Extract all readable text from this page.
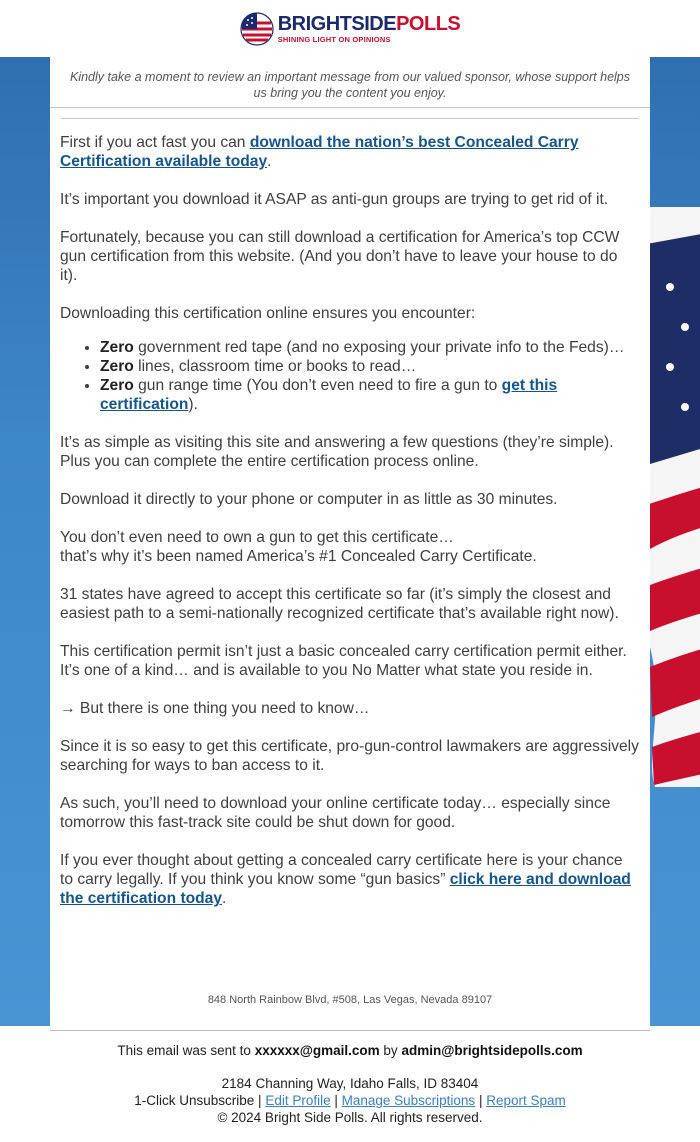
BRIGHTSIDEPOLLS
SHINING LIGHT ON OPINIONS
Kindly take a moment to review an important message from our valued sponsor, whose support helps us bring you the content you enjoy.

First if you act fast you can download the nation’s best Concealed Carry Certification available today.

It’s important you download it ASAP as anti-gun groups are trying to get rid of it.

Fortunately, because you can still download a certification for America’s top CCW gun certification from this website. (And you don’t have to leave your house to do it).

Downloading this certification online ensures you encounter:

• Zero government red tape (and no exposing your private info to the Feds)…
• Zero lines, classroom time or books to read…
• Zero gun range time (You don’t even need to fire a gun to get this certification).

It’s as simple as visiting this site and answering a few questions (they’re simple). Plus you can complete the entire certification process online.

Download it directly to your phone or computer in as little as 30 minutes.

You don’t even need to own a gun to get this certificate…
that’s why it’s been named America’s #1 Concealed Carry Certificate.

31 states have agreed to accept this certificate so far (it’s simply the closest and easiest path to a semi-nationally recognized certificate that’s available right now).

This certification permit isn’t just a basic concealed carry certification permit either. It’s one of a kind… and is available to you No Matter what state you reside in.

→ But there is one thing you need to know…

Since it is so easy to get this certificate, pro-gun-control lawmakers are aggressively searching for ways to ban access to it.

As such, you’ll need to download your online certificate today… especially since tomorrow this fast-track site could be shut down for good.

If you ever thought about getting a concealed carry certificate here is your chance to carry legally. If you think you know some “gun basics” click here and download the certification today.

848 North Rainbow Blvd, #508, Las Vegas, Nevada 89107
This email was sent to xxxxxx@gmail.com by admin@brightsidepolls.com
2184 Channing Way, Idaho Falls, ID 83404
1-Click Unsubscribe | Edit Profile | Manage Subscriptions | Report Spam
© 2024 Bright Side Polls. All rights reserved.
